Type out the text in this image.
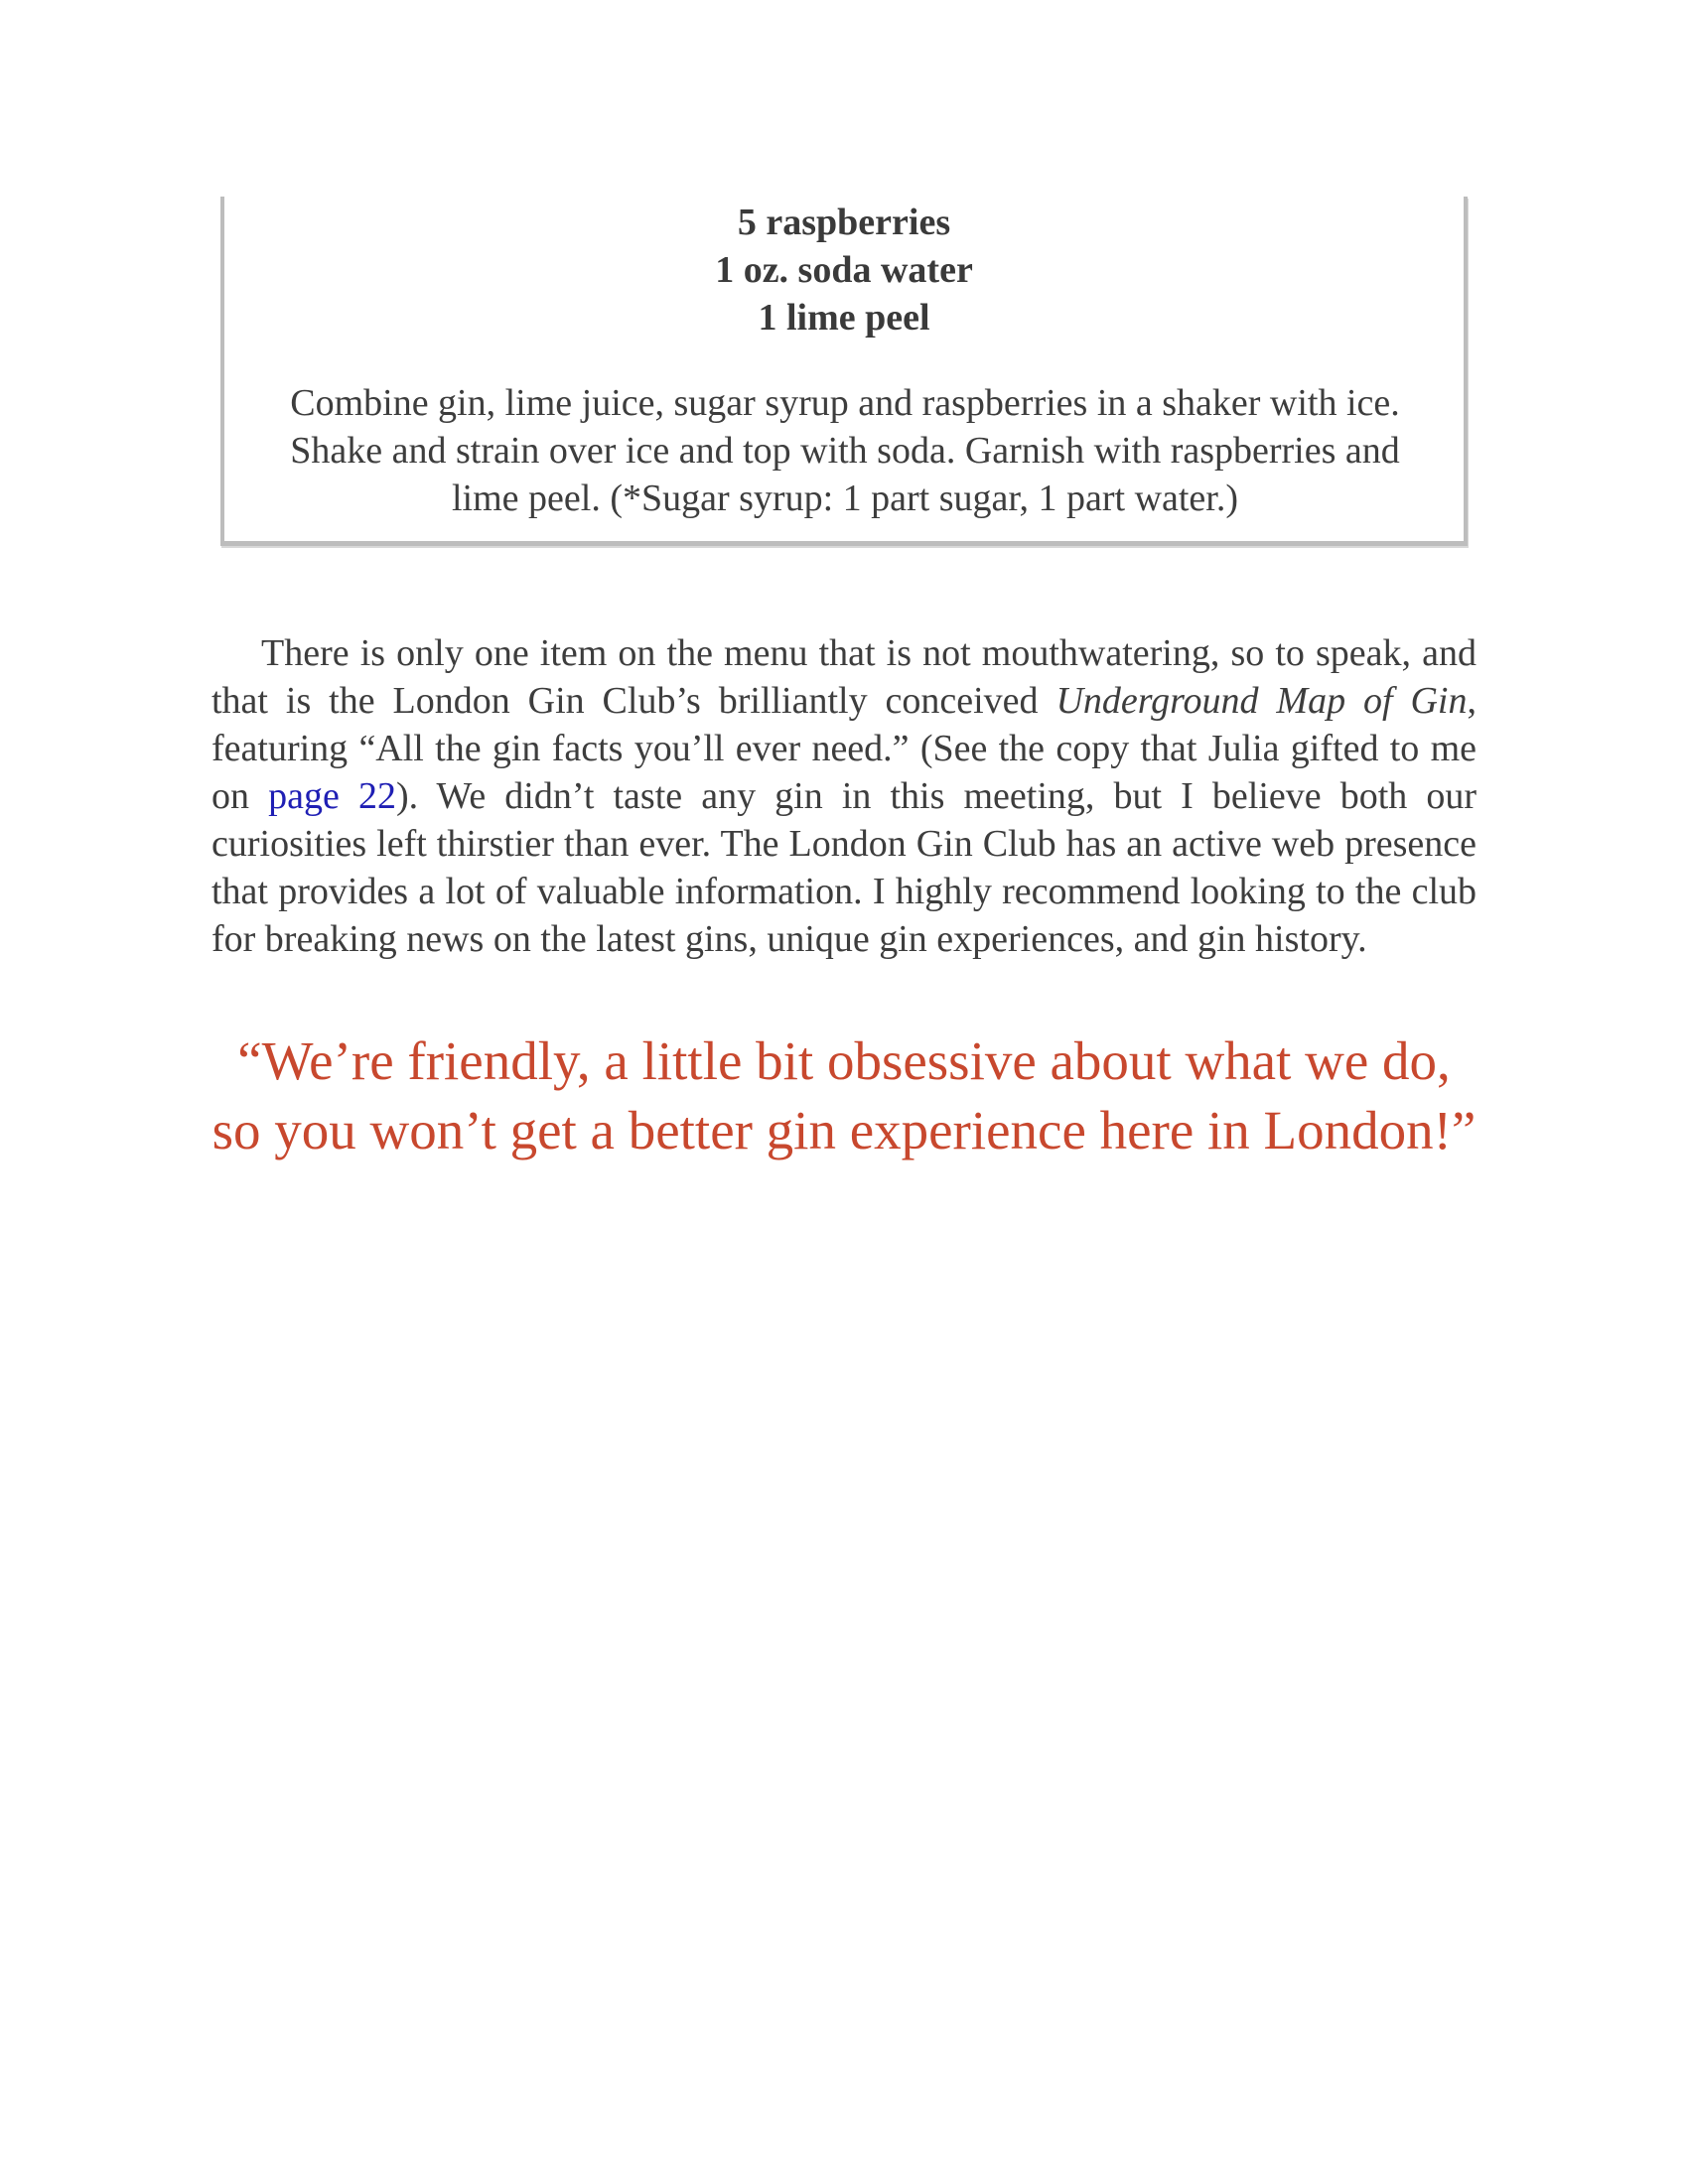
5 raspberries
1 oz. soda water
1 lime peel
Combine gin, lime juice, sugar syrup and raspberries in a shaker with ice. Shake and strain over ice and top with soda. Garnish with raspberries and lime peel. (*Sugar syrup: 1 part sugar, 1 part water.)

There is only one item on the menu that is not mouthwatering, so to speak, and that is the London Gin Club’s brilliantly conceived Underground Map of Gin, featuring “All the gin facts you’ll ever need.” (See the copy that Julia gifted to me on page 22). We didn’t taste any gin in this meeting, but I believe both our curiosities left thirstier than ever. The London Gin Club has an active web presence that provides a lot of valuable information. I highly recommend looking to the club for breaking news on the latest gins, unique gin experiences, and gin history.

“We’re friendly, a little bit obsessive about what we do, so you won’t get a better gin experience here in London!”
